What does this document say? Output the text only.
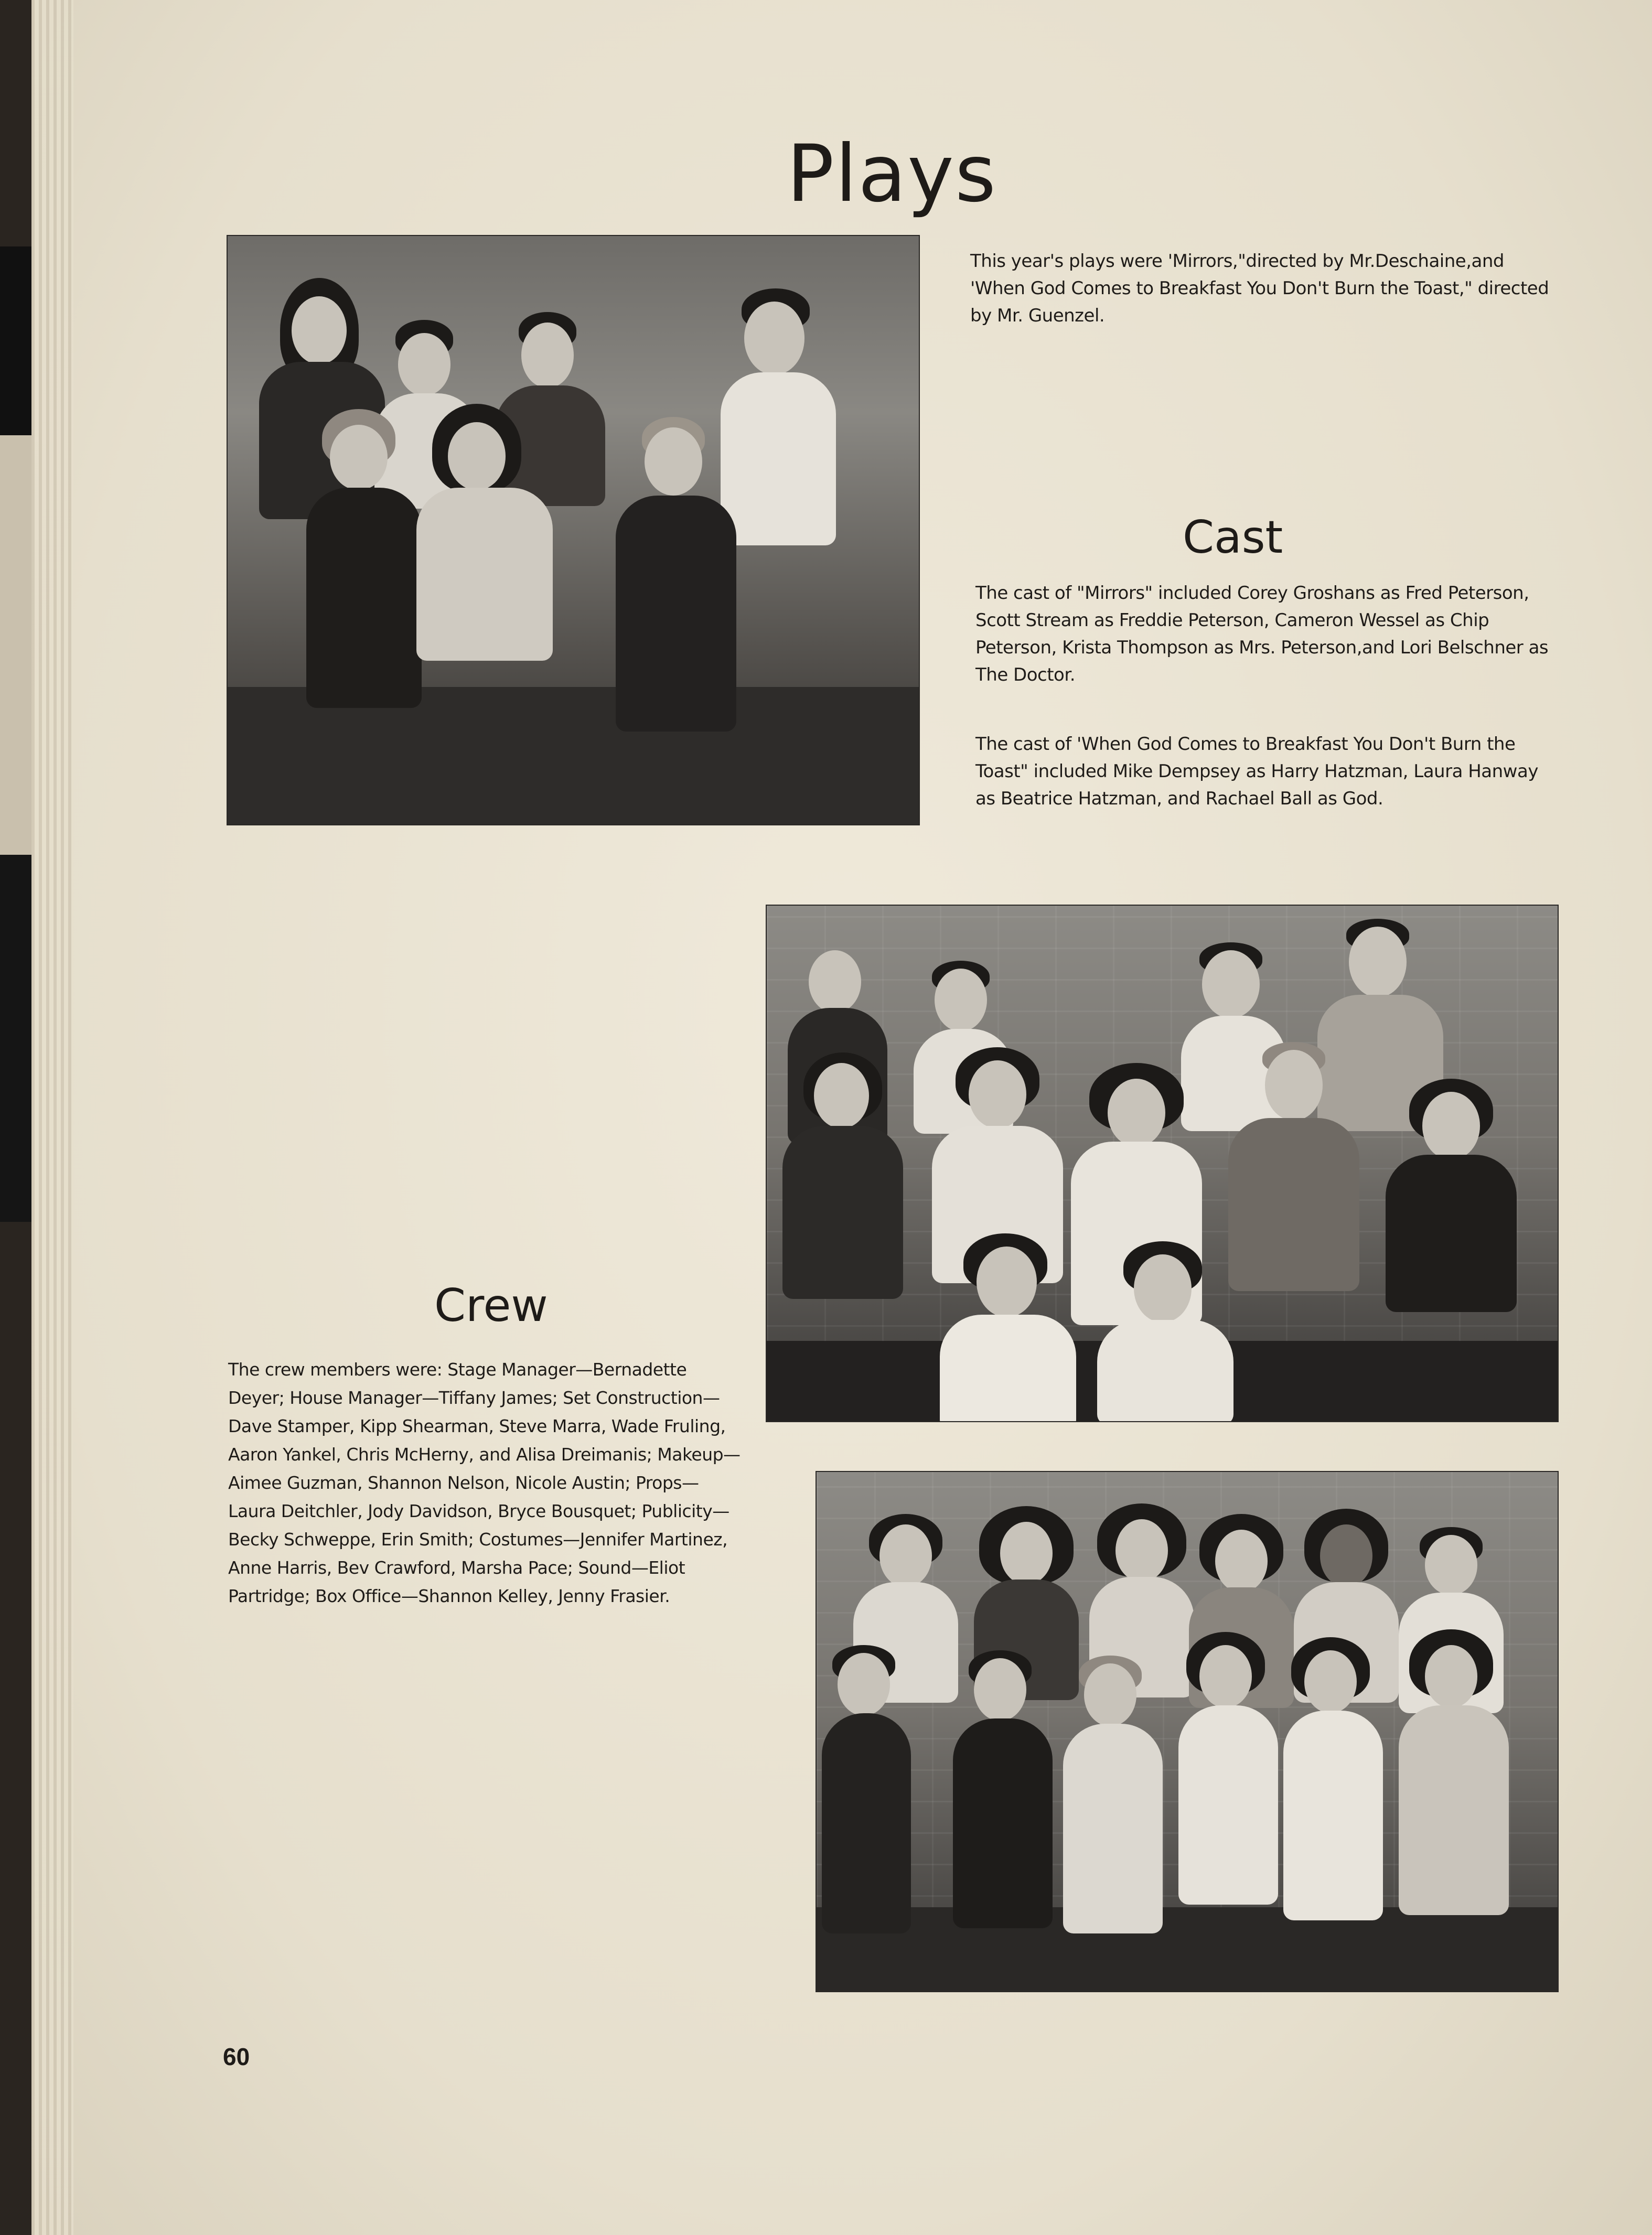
Plays

This year's plays were 'Mirrors,"directed by Mr.Deschaine,and 'When God Comes to Breakfast You Don't Burn the Toast," directed by Mr. Guenzel.

Cast

The cast of "Mirrors" included Corey Groshans as Fred Peterson, Scott Stream as Freddie Peterson, Cameron Wessel as Chip Peterson, Krista Thompson as Mrs. Peterson,and Lori Belschner as The Doctor.

The cast of 'When God Comes to Breakfast You Don't Burn the Toast" included Mike Dempsey as Harry Hatzman, Laura Hanway as Beatrice Hatzman, and Rachael Ball as God.

Crew

The crew members were: Stage Manager—Bernadette Deyer; House Manager—Tiffany James; Set Construction—Dave Stamper, Kipp Shearman, Steve Marra, Wade Fruling, Aaron Yankel, Chris McHerny, and Alisa Dreimanis; Makeup—Aimee Guzman, Shannon Nelson, Nicole Austin; Props—Laura Deitchler, Jody Davidson, Bryce Bousquet; Publicity—Becky Schweppe, Erin Smith; Costumes—Jennifer Martinez, Anne Harris, Bev Crawford, Marsha Pace; Sound—Eliot Partridge; Box Office—Shannon Kelley, Jenny Frasier.

60
